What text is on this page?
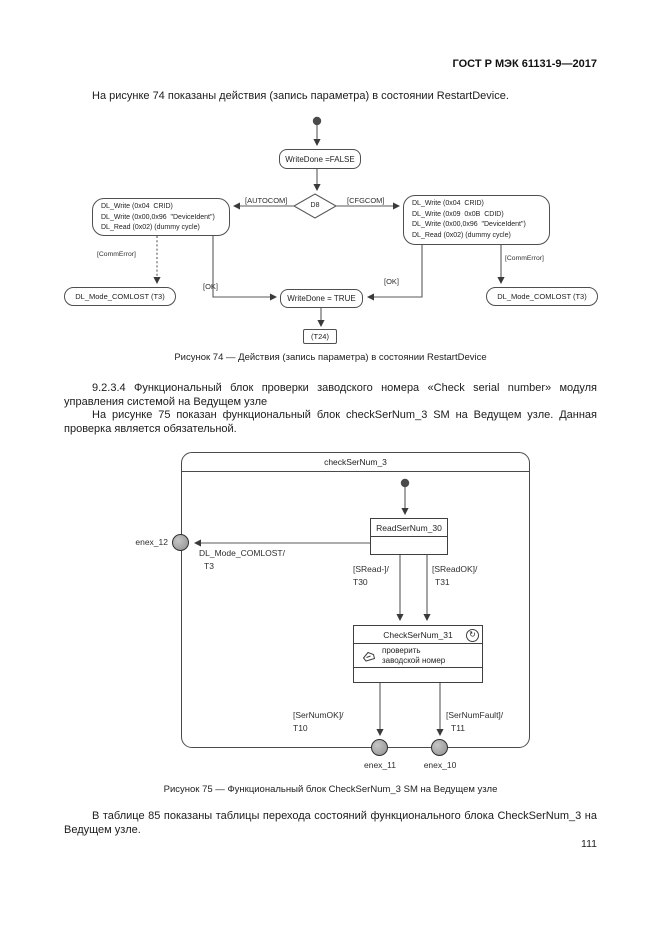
ГОСТ Р МЭК 61131-9—2017

На рисунке 74 показаны действия (запись параметра) в состоянии RestartDevice.

WriteDone =FALSE
D8
[AUTOCOM]	[CFGCOM]
DL_Write (0x04  CRID)
DL_Write (0x00,0x96  "DeviceIdent")
DL_Read (0x02) (dummy cycle)
DL_Write (0x04  CRID)
DL_Write (0x09  0x0B  CDID)
DL_Write (0x00,0x96  "DeviceIdent")
DL_Read (0x02) (dummy cycle)
[CommError]
[OK]
[OK]
[CommError]
DL_Mode_COMLOST (T3)	DL_Mode_COMLOST (T3)
WriteDone = TRUE
(T24)
Рисунок 74 — Действия (запись параметра) в состоянии RestartDevice

9.2.3.4 Функциональный блок проверки заводского номера «Check serial number» модуля управления системой на Ведущем узле

На рисунке 75 показан функциональный блок checkSerNum_3 SM на Ведущем узле. Данная проверка является обязательной.

checkSerNum_3
ReadSerNum_30
enex_12
DL_Mode_COMLOST/
T3	[SRead-]/
T30
[SReadOK]/
T31
CheckSerNum_31	↻
проверить
заводской номер
[SerNumOK]/
T10
[SerNumFault]/
T11
enex_11	enex_10
Рисунок 75 — Функциональный блок CheckSerNum_3 SM на Ведущем узле

В таблице 85 показаны таблицы перехода состояний функционального блока CheckSerNum_3 на Ведущем узле.

111
